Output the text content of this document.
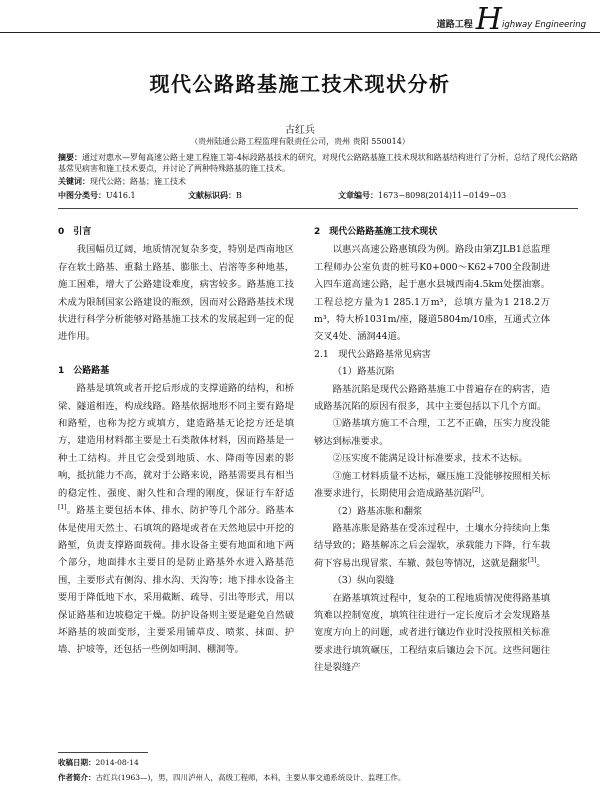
道路工程 H ighway Engineering
现代公路路基施工技术现状分析
古红兵
（贵州陆通公路工程监理有限责任公司，贵州 贵阳 550014）
摘要：通过对惠水—罗甸高速公路土建工程施工第-4标段路基技术的研究，对现代公路路基施工技术现状和路基结构进行了分析，总结了现代公路路基常见病害和施工技术要点，并讨论了两种特殊路基的施工技术。
关键词：现代公路；路基；施工技术
中图分类号：U416.1	文献标识码：B	文章编号：1673−8098(2014)11−0149−03

0　引言

我国幅员辽阔，地质情况复杂多变，特别是西南地区存在软土路基、重黏土路基、膨胀土、岩溶等多种地基，施工困难，增大了公路建设难度，病害较多。路基施工技术成为限制国家公路建设的瓶颈，因而对公路路基技术现状进行科学分析能够对路基施工技术的发展起到一定的促进作用。

1　公路路基

路基是填筑或者开挖后形成的支撑道路的结构，和桥梁、隧道相连，构成线路。路基依据地形不同主要有路堤和路堑，也称为挖方或填方，建造路基无论挖方还是填方，建造用材料都主要是土石类散体材料，因而路基是一种土工结构。并且它会受到地质、水、降雨等因素的影响，抵抗能力不高，就对于公路来说，路基需要具有相当的稳定性、强度、耐久性和合理的刚度，保证行车舒适[1]。路基主要包括本体、排水、防护等几个部分。路基本体是使用天然土、石填筑的路堤或者在天然地层中开挖的路堑，负责支撑路面载荷。排水设备主要有地面和地下两个部分，地面排水主要目的是防止路基外水进入路基范围，主要形式有侧沟、排水沟、天沟等；地下排水设备主要用于降低地下水，采用截断、疏导、引出等形式，用以保证路基和边坡稳定干燥。防护设备则主要是避免自然破坏路基的坡面变形，主要采用铺草皮、喷浆、抹面、护墙、护坡等，还包括一些例如明洞、棚洞等。

2　现代公路路基施工技术现状

以惠兴高速公路惠镇段为例。路段由第ZJLB1总监理工程师办公室负责的桩号K0+000～K62+700全段制进入四车道高速公路，起于惠水县城西南4.5km处摆油寨。工程总挖方量为1 285.1万m³，总填方量为1 218.2万m³，特大桥1031m/座，隧道5804m/10座，互通式立体交叉4处、涵洞44道。

2.1　现代公路路基常见病害

（1）路基沉陷

路基沉陷是现代公路路基施工中普遍存在的病害，造成路基沉陷的原因有很多，其中主要包括以下几个方面。

①路基填方施工不合理，工艺不正确，压实力度没能够达到标准要求。

②压实度不能满足设计标准要求，技术不达标。

③施工材料质量不达标，碾压施工没能够按照相关标准要求进行，长期使用会造成路基沉陷[2]。

（2）路基冻胀和翻浆

路基冻胀是路基在受冻过程中，土壤水分持续向上集结导致的；路基解冻之后会湿软，承载能力下降，行车载荷下容易出现冒浆、车辙、鼓包等情况，这就是翻浆[3]。

（3）纵向裂缝

在路基填筑过程中，复杂的工程地质情况使得路基填筑难以控制宽度，填筑往往进行一定长度后才会发现路基宽度方向上的问题，或者进行镶边作业时没按照相关标准要求进行填筑碾压，工程结束后镶边会下沉。这些问题往往是裂缝产

收稿日期：2014-08-14
作者简介：古红兵(1963—)，男，四川泸州人，高级工程师，本科，主要从事交通系统设计、监理工作。
